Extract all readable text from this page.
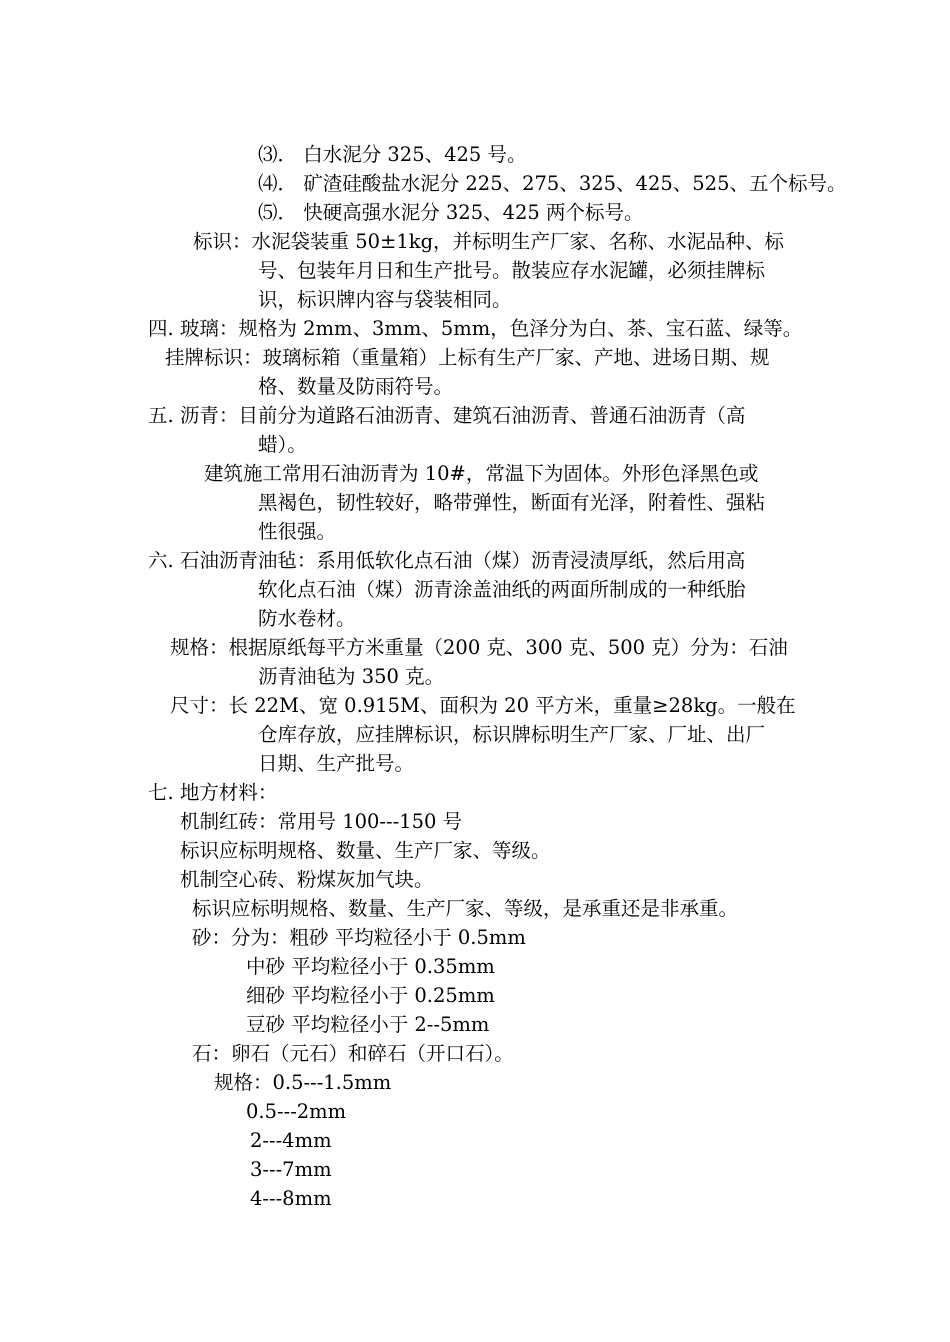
⑶． 白水泥分 325、425 号。
⑷． 矿渣硅酸盐水泥分 225、275、325、425、525、五个标号。
⑸． 快硬高强水泥分 325、425 两个标号。
标识：水泥袋装重 50±1kg，并标明生产厂家、名称、水泥品种、标
号、包装年月日和生产批号。散装应存水泥罐，必须挂牌标
识，标识牌内容与袋装相同。
四. 玻璃：规格为 2mm、3mm、5mm，色泽分为白、茶、宝石蓝、绿等。
挂牌标识：玻璃标箱（重量箱）上标有生产厂家、产地、进场日期、规
格、数量及防雨符号。
五. 沥青：目前分为道路石油沥青、建筑石油沥青、普通石油沥青（高
蜡）。
建筑施工常用石油沥青为 10#，常温下为固体。外形色泽黑色或
黑褐色，韧性较好，略带弹性，断面有光泽，附着性、强粘
性很强。
六. 石油沥青油毡：系用低软化点石油（煤）沥青浸渍厚纸，然后用高
软化点石油（煤）沥青涂盖油纸的两面所制成的一种纸胎
防水卷材。
规格：根据原纸每平方米重量（200 克、300 克、500 克）分为：石油
沥青油毡为 350 克。
尺寸：长 22M、宽 0.915M、面积为 20 平方米，重量≥28kg。一般在
仓库存放，应挂牌标识，标识牌标明生产厂家、厂址、出厂
日期、生产批号。
七. 地方材料：
机制红砖：常用号 100---150 号
标识应标明规格、数量、生产厂家、等级。
机制空心砖、粉煤灰加气块。
标识应标明规格、数量、生产厂家、等级，是承重还是非承重。
砂：分为：粗砂 平均粒径小于 0.5mm
中砂 平均粒径小于 0.35mm
细砂 平均粒径小于 0.25mm
豆砂 平均粒径小于 2--5mm
石：卵石（元石）和碎石（开口石）。
规格：0.5---1.5mm
0.5---2mm
2---4mm
3---7mm
4---8mm
